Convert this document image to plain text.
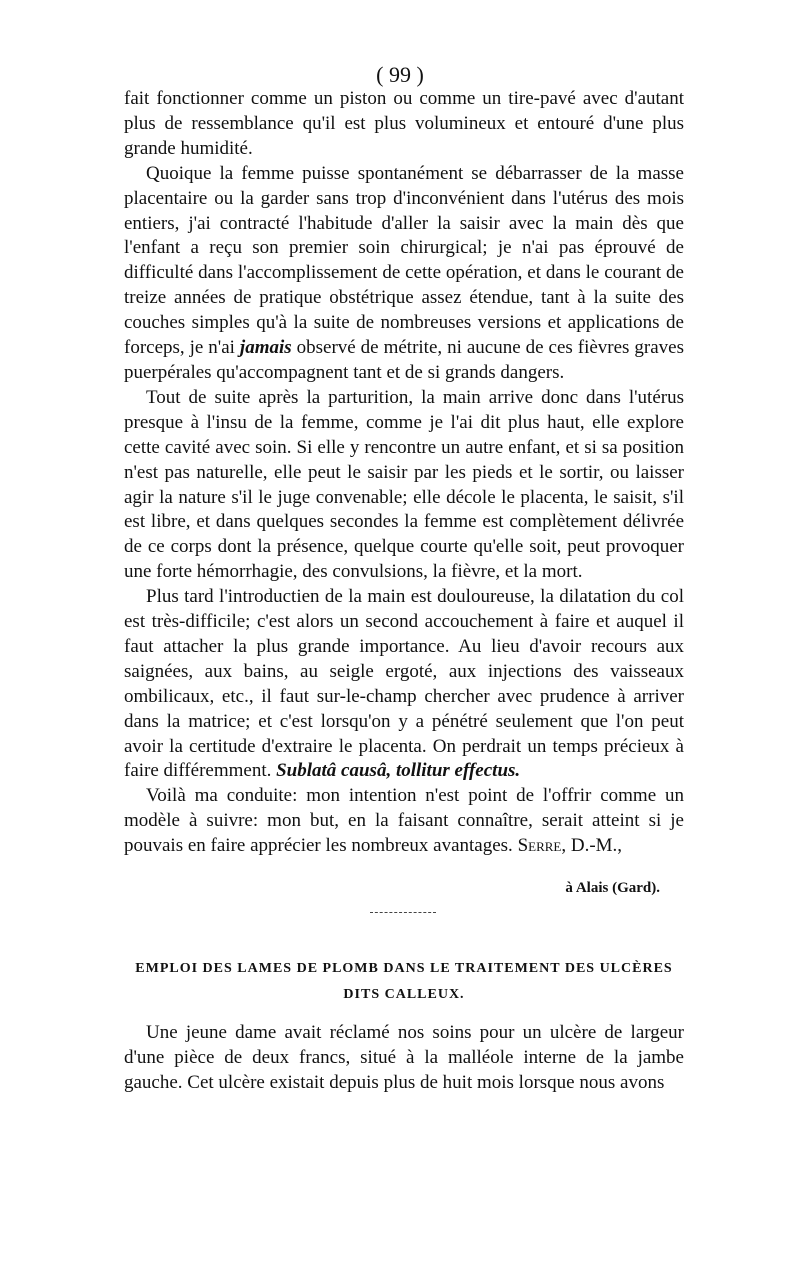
( 99 )

fait fonctionner comme un piston ou comme un tire-pavé avec d'autant plus de ressemblance qu'il est plus volumineux et entouré d'une plus grande humidité.

Quoique la femme puisse spontanément se débarrasser de la masse placentaire ou la garder sans trop d'inconvénient dans l'utérus des mois entiers, j'ai contracté l'habitude d'aller la saisir avec la main dès que l'enfant a reçu son premier soin chirurgical; je n'ai pas éprouvé de difficulté dans l'accomplissement de cette opération, et dans le courant de treize années de pratique obstétrique assez étendue, tant à la suite des couches simples qu'à la suite de nombreuses versions et applications de forceps, je n'ai jamais observé de métrite, ni aucune de ces fièvres graves puerpérales qu'accompagnent tant et de si grands dangers.

Tout de suite après la parturition, la main arrive donc dans l'utérus presque à l'insu de la femme, comme je l'ai dit plus haut, elle explore cette cavité avec soin. Si elle y rencontre un autre enfant, et si sa position n'est pas naturelle, elle peut le saisir par les pieds et le sortir, ou laisser agir la nature s'il le juge convenable; elle décole le placenta, le saisit, s'il est libre, et dans quelques secondes la femme est complètement délivrée de ce corps dont la présence, quelque courte qu'elle soit, peut provoquer une forte hémorrhagie, des convulsions, la fièvre, et la mort.

Plus tard l'introductien de la main est douloureuse, la dilatation du col est très-difficile; c'est alors un second accouchement à faire et auquel il faut attacher la plus grande importance. Au lieu d'avoir recours aux saignées, aux bains, au seigle ergoté, aux injections des vaisseaux ombilicaux, etc., il faut sur-le-champ chercher avec prudence à arriver dans la matrice; et c'est lorsqu'on y a pénétré seulement que l'on peut avoir la certitude d'extraire le placenta. On perdrait un temps précieux à faire différemment. Sublatâ causâ, tollitur effectus.

Voilà ma conduite: mon intention n'est point de l'offrir comme un modèle à suivre: mon but, en la faisant connaître, serait atteint si je pouvais en faire apprécier les nombreux avantages. Serre, D.-M.,

à Alais (Gard).
EMPLOI DES LAMES DE PLOMB DANS LE TRAITEMENT DES ULCÈRES
DITS CALLEUX.

Une jeune dame avait réclamé nos soins pour un ulcère de largeur d'une pièce de deux francs, situé à la malléole interne de la jambe gauche. Cet ulcère existait depuis plus de huit mois lorsque nous avons
